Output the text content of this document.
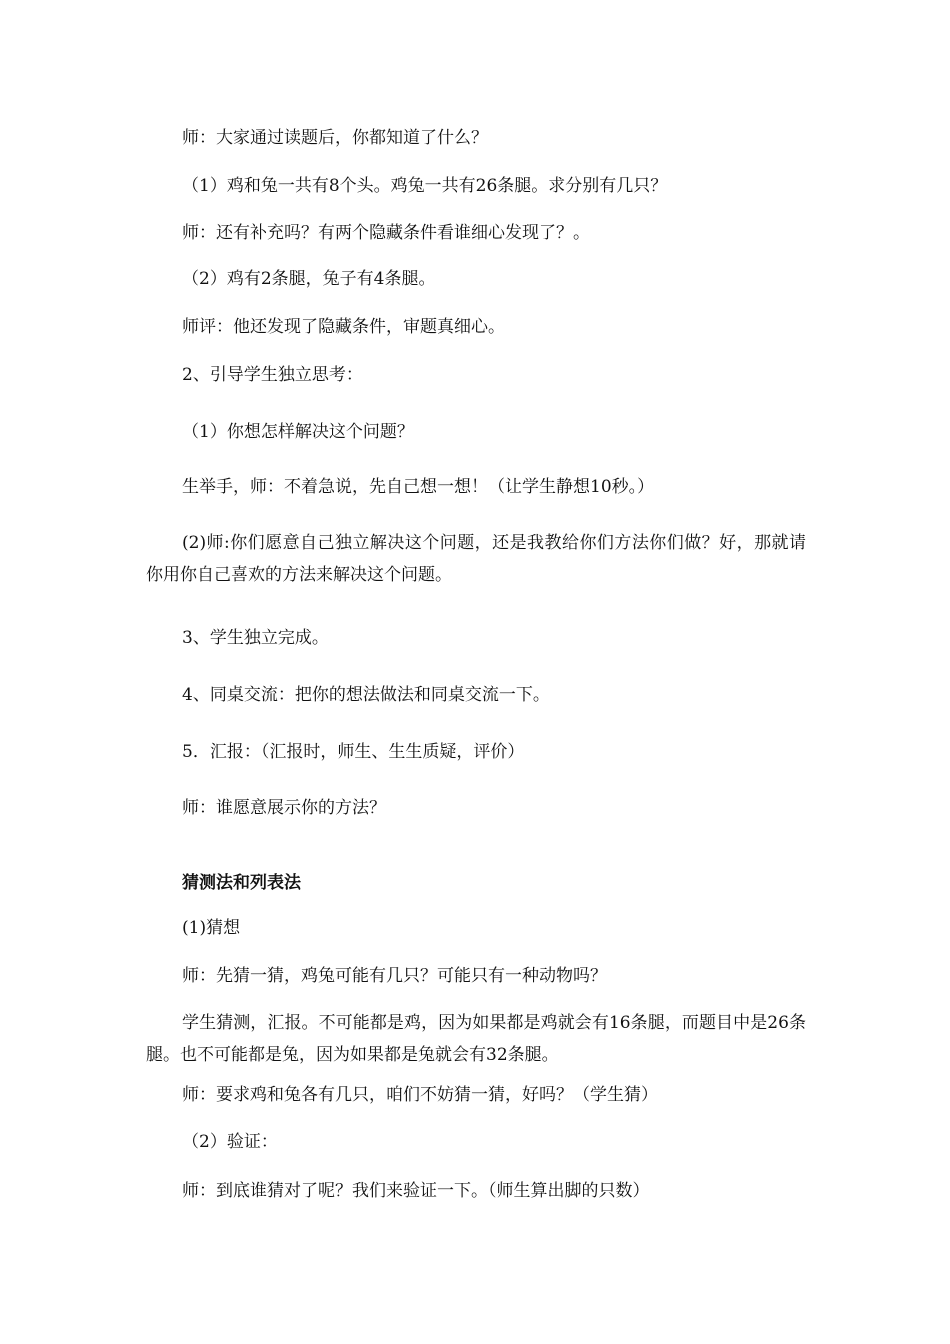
师：大家通过读题后，你都知道了什么？
（1）鸡和兔一共有8个头。鸡兔一共有26条腿。求分别有几只？
师：还有补充吗？有两个隐藏条件看谁细心发现了？。
（2）鸡有2条腿，兔子有4条腿。
师评：他还发现了隐藏条件，审题真细心。
2、引导学生独立思考：
（1）你想怎样解决这个问题？
生举手，师：不着急说，先自己想一想！（让学生静想10秒。）
(2)师:你们愿意自己独立解决这个问题，还是我教给你们方法你们做？好，那就请你用你自己喜欢的方法来解决这个问题。
3、学生独立完成。
4、同桌交流：把你的想法做法和同桌交流一下。
5．汇报：（汇报时，师生、生生质疑，评价）
师：谁愿意展示你的方法？
猜测法和列表法
(1)猜想
师：先猜一猜，鸡兔可能有几只？可能只有一种动物吗？
学生猜测，汇报。不可能都是鸡，因为如果都是鸡就会有16条腿，而题目中是26条腿。也不可能都是兔，因为如果都是兔就会有32条腿。
师：要求鸡和兔各有几只，咱们不妨猜一猜，好吗？（学生猜）
（2）验证：
师：到底谁猜对了呢？我们来验证一下。（师生算出脚的只数）
